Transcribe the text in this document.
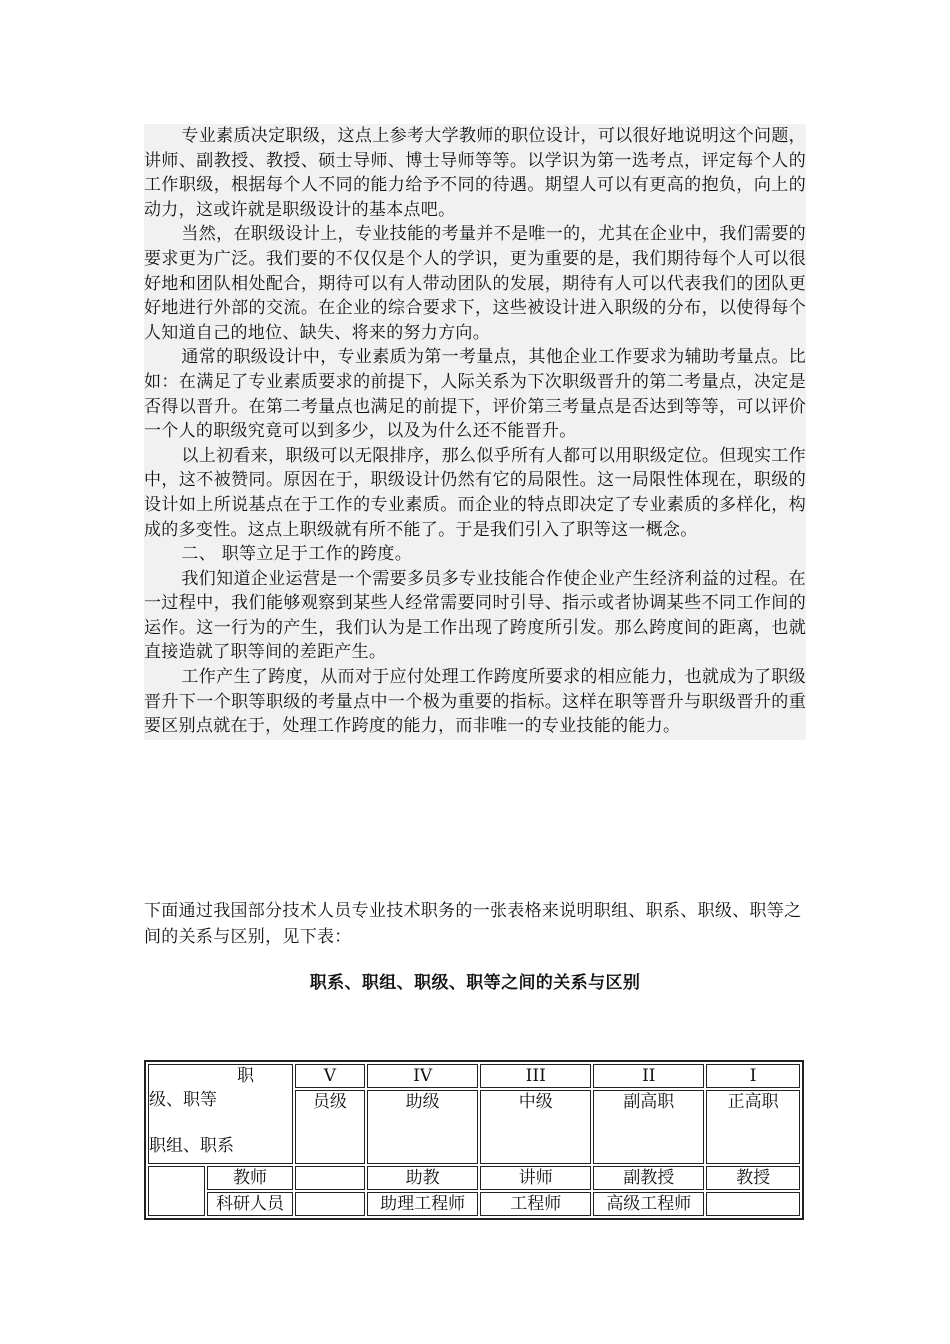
专业素质决定职级，这点上参考大学教师的职位设计，可以很好地说明这个问题，讲师、副教授、教授、硕士导师、博士导师等等。以学识为第一选考点，评定每个人的工作职级，根据每个人不同的能力给予不同的待遇。期望人可以有更高的抱负，向上的动力，这或许就是职级设计的基本点吧。

当然，在职级设计上，专业技能的考量并不是唯一的，尤其在企业中，我们需要的要求更为广泛。我们要的不仅仅是个人的学识，更为重要的是，我们期待每个人可以很好地和团队相处配合，期待可以有人带动团队的发展，期待有人可以代表我们的团队更好地进行外部的交流。在企业的综合要求下，这些被设计进入职级的分布，以使得每个人知道自己的地位、缺失、将来的努力方向。

通常的职级设计中，专业素质为第一考量点，其他企业工作要求为辅助考量点。比如：在满足了专业素质要求的前提下，人际关系为下次职级晋升的第二考量点，决定是否得以晋升。在第二考量点也满足的前提下，评价第三考量点是否达到等等，可以评价一个人的职级究竟可以到多少，以及为什么还不能晋升。

以上初看来，职级可以无限排序，那么似乎所有人都可以用职级定位。但现实工作中，这不被赞同。原因在于，职级设计仍然有它的局限性。这一局限性体现在，职级的设计如上所说基点在于工作的专业素质。而企业的特点即决定了专业素质的多样化，构成的多变性。这点上职级就有所不能了。于是我们引入了职等这一概念。

二、 职等立足于工作的跨度。

我们知道企业运营是一个需要多员多专业技能合作使企业产生经济利益的过程。在一过程中，我们能够观察到某些人经常需要同时引导、指示或者协调某些不同工作间的运作。这一行为的产生，我们认为是工作出现了跨度所引发。那么跨度间的距离，也就直接造就了职等间的差距产生。

工作产生了跨度，从而对于应付处理工作跨度所要求的相应能力，也就成为了职级晋升下一个职等职级的考量点中一个极为重要的指标。这样在职等晋升与职级晋升的重要区别点就在于，处理工作跨度的能力，而非唯一的专业技能的能力。

下面通过我国部分技术人员专业技术职务的一张表格来说明职组、职系、职级、职等之间的关系与区别，见下表：

职系、职组、职级、职等之间的关系与区别
职
级、职等
职组、职系		V	IV	III	II	I
		员级	助级	中级	副高职	正高职
	教师		助教	讲师	副教授	教授
	科研人员		助理工程师	工程师	高级工程师	
